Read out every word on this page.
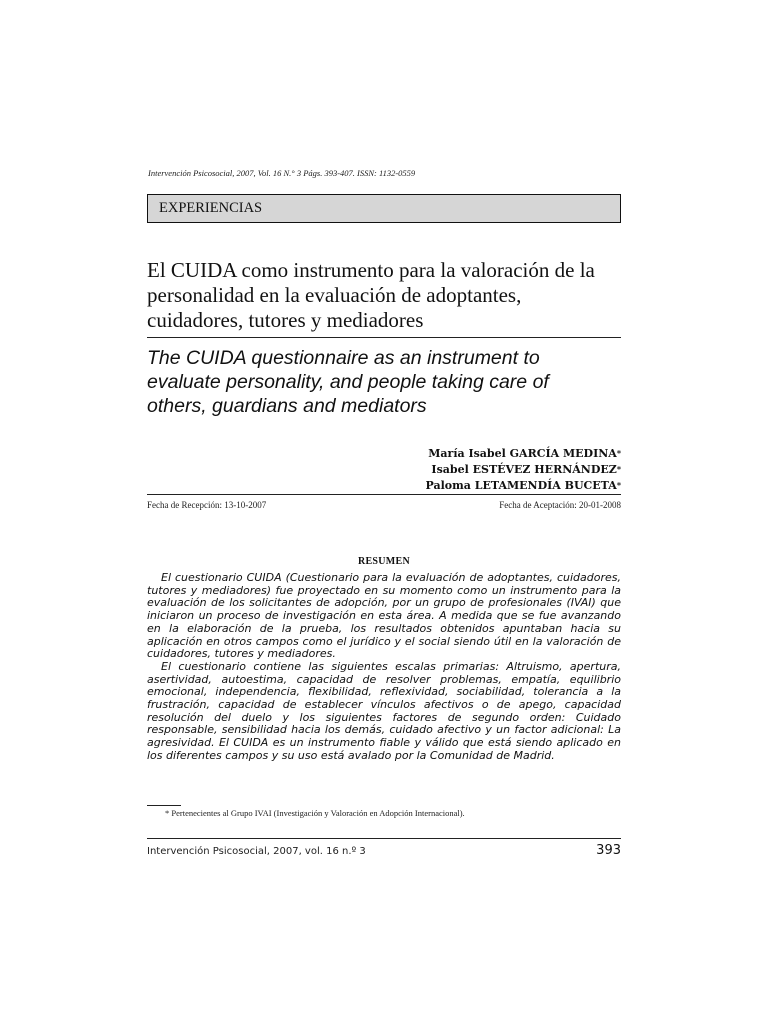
Intervención Psicosocial, 2007, Vol. 16 N.° 3 Págs. 393-407. ISSN: 1132-0559
EXPERIENCIAS
El CUIDA como instrumento para la valoración de la
personalidad en la evaluación de adoptantes,
cuidadores, tutores y mediadores
The CUIDA questionnaire as an instrument to
evaluate personality, and people taking care of
others, guardians and mediators
María Isabel GARCÍA MEDINA*
Isabel ESTÉVEZ HERNÁNDEZ*
Paloma LETAMENDÍA BUCETA*
Fecha de Recepción: 13-10-2007	Fecha de Aceptación: 20-01-2008
RESUMEN

El cuestionario CUIDA (Cuestionario para la evaluación de adoptantes, cuidadores, tutores y mediadores) fue proyectado en su momento como un instrumento para la evaluación de los solicitantes de adopción, por un grupo de profesionales (IVAI) que iniciaron un proceso de investigación en esta área. A medida que se fue avanzando en la elaboración de la prueba, los resultados obtenidos apuntaban hacia su aplicación en otros campos como el jurídico y el social siendo útil en la valoración de cuidadores, tutores y mediadores.

El cuestionario contiene las siguientes escalas primarias: Altruismo, apertura, asertividad, autoestima, capacidad de resolver problemas, empatía, equilibrio emocional, independencia, flexibilidad, reflexividad, sociabilidad, tolerancia a la frustración, capacidad de establecer vínculos afectivos o de apego, capacidad resolución del duelo y los siguientes factores de segundo orden: Cuidado responsable, sensibilidad hacia los demás, cuidado afectivo y un factor adicional: La agresividad. El CUIDA es un instrumento fiable y válido que está siendo aplicado en los diferentes campos y su uso está avalado por la Comunidad de Madrid.

* Pertenecientes al Grupo IVAI (Investigación y Valoración en Adopción Internacional).
Intervención Psicosocial, 2007, vol. 16 n.º 3	393
